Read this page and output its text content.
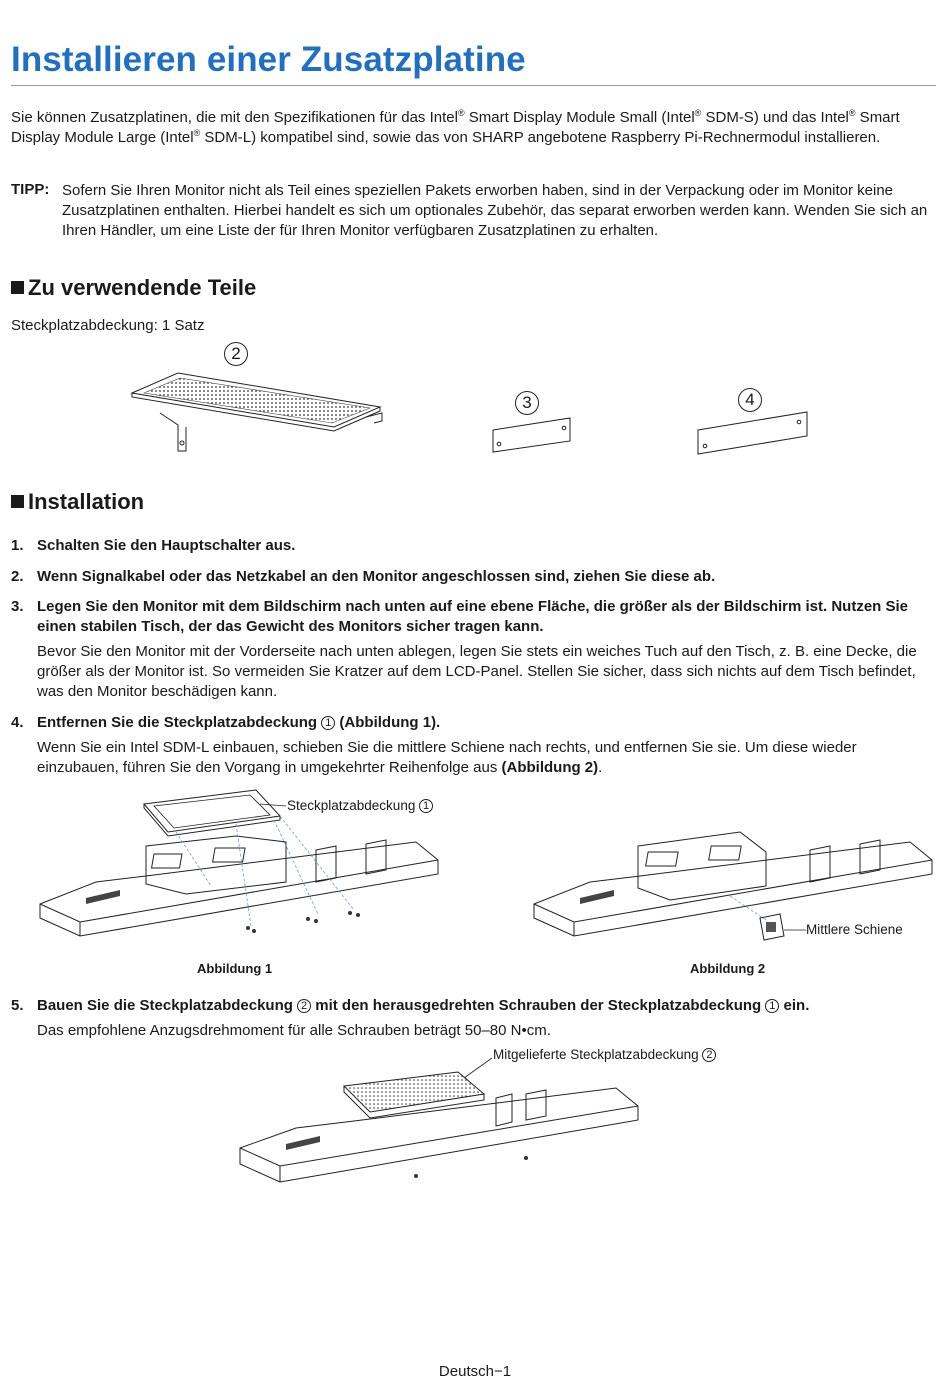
Installieren einer Zusatzplatine

Sie können Zusatzplatinen, die mit den Spezifikationen für das Intel® Smart Display Module Small (Intel® SDM-S) und das Intel® Smart Display Module Large (Intel® SDM-L) kompatibel sind, sowie das von SHARP angebotene Raspberry Pi-Rechnermodul installieren.

TIPP: Sofern Sie Ihren Monitor nicht als Teil eines speziellen Pakets erworben haben, sind in der Verpackung oder im Monitor keine Zusatzplatinen enthalten. Hierbei handelt es sich um optionales Zubehör, das separat erworben werden kann. Wenden Sie sich an Ihren Händler, um eine Liste der für Ihren Monitor verfügbaren Zusatzplatinen zu erhalten.
Zu verwendende Teile
Steckplatzabdeckung: 1 Satz
2
3	4
Installation
1. Schalten Sie den Hauptschalter aus.
2. Wenn Signalkabel oder das Netzkabel an den Monitor angeschlossen sind, ziehen Sie diese ab.
3. Legen Sie den Monitor mit dem Bildschirm nach unten auf eine ebene Fläche, die größer als der Bildschirm ist. Nutzen Sie einen stabilen Tisch, der das Gewicht des Monitors sicher tragen kann.
Bevor Sie den Monitor mit der Vorderseite nach unten ablegen, legen Sie stets ein weiches Tuch auf den Tisch, z. B. eine Decke, die größer als der Monitor ist. So vermeiden Sie Kratzer auf dem LCD-Panel. Stellen Sie sicher, dass sich nichts auf dem Tisch befindet, was den Monitor beschädigen kann.
4. Entfernen Sie die Steckplatzabdeckung 1 (Abbildung 1).
Wenn Sie ein Intel SDM-L einbauen, schieben Sie die mittlere Schiene nach rechts, und entfernen Sie sie. Um diese wieder einzubauen, führen Sie den Vorgang in umgekehrter Reihenfolge aus (Abbildung 2).
Steckplatzabdeckung 1
Abbildung 1
Mittlere Schiene
Abbildung 2
5. Bauen Sie die Steckplatzabdeckung 2 mit den herausgedrehten Schrauben der Steckplatzabdeckung 1 ein.
Das empfohlene Anzugsdrehmoment für alle Schrauben beträgt 50–80 N•cm.
Mitgelieferte Steckplatzabdeckung 2
Deutsch−1
